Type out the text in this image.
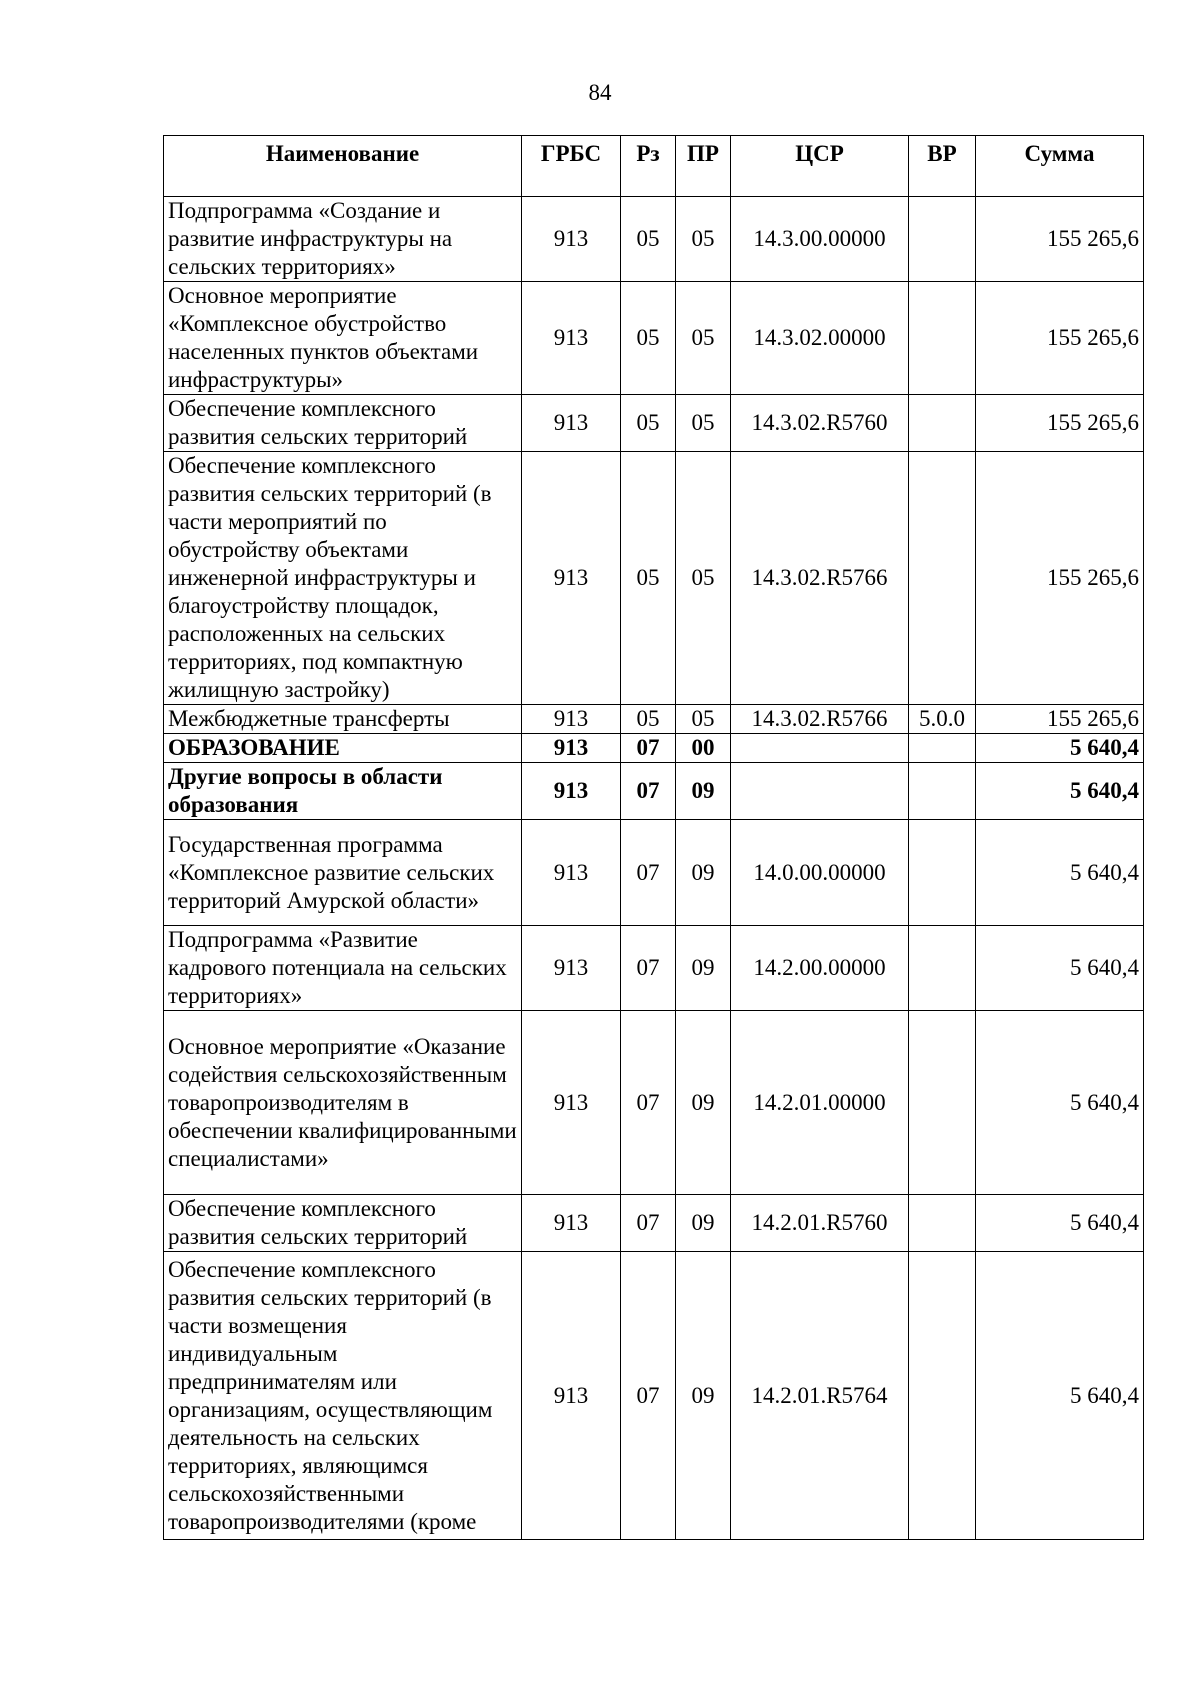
84
Наименование	ГРБС	Рз	ПР	ЦСР	ВР	Сумма
Подпрограмма «Создание и развитие инфраструктуры на сельских территориях»	913	05	05	14.3.00.00000		155 265,6
Основное мероприятие «Комплексное обустройство населенных пунктов объектами инфраструктуры»	913	05	05	14.3.02.00000		155 265,6
Обеспечение комплексного развития сельских территорий	913	05	05	14.3.02.R5760		155 265,6
Обеспечение комплексного развития сельских территорий (в части мероприятий по обустройству объектами инженерной инфраструктуры и благоустройству площадок, расположенных на сельских территориях, под компактную жилищную застройку)	913	05	05	14.3.02.R5766		155 265,6
Межбюджетные трансферты	913	05	05	14.3.02.R5766	5.0.0	155 265,6
ОБРАЗОВАНИЕ	913	07	00			5 640,4
Другие вопросы в области образования	913	07	09			5 640,4
Государственная программа «Комплексное развитие сельских территорий Амурской области»	913	07	09	14.0.00.00000		5 640,4
Подпрограмма «Развитие кадрового потенциала на сельских территориях»	913	07	09	14.2.00.00000		5 640,4
Основное мероприятие «Оказание содействия сельскохозяйственным товаропроизводителям в обеспечении квалифицированными специалистами»	913	07	09	14.2.01.00000		5 640,4
Обеспечение комплексного развития сельских территорий	913	07	09	14.2.01.R5760		5 640,4
Обеспечение комплексного развития сельских территорий (в части возмещения индивидуальным предпринимателям или организациям, осуществляющим деятельность на сельских территориях, являющимся сельскохозяйственными товаропроизводителями (кроме	913	07	09	14.2.01.R5764		5 640,4
